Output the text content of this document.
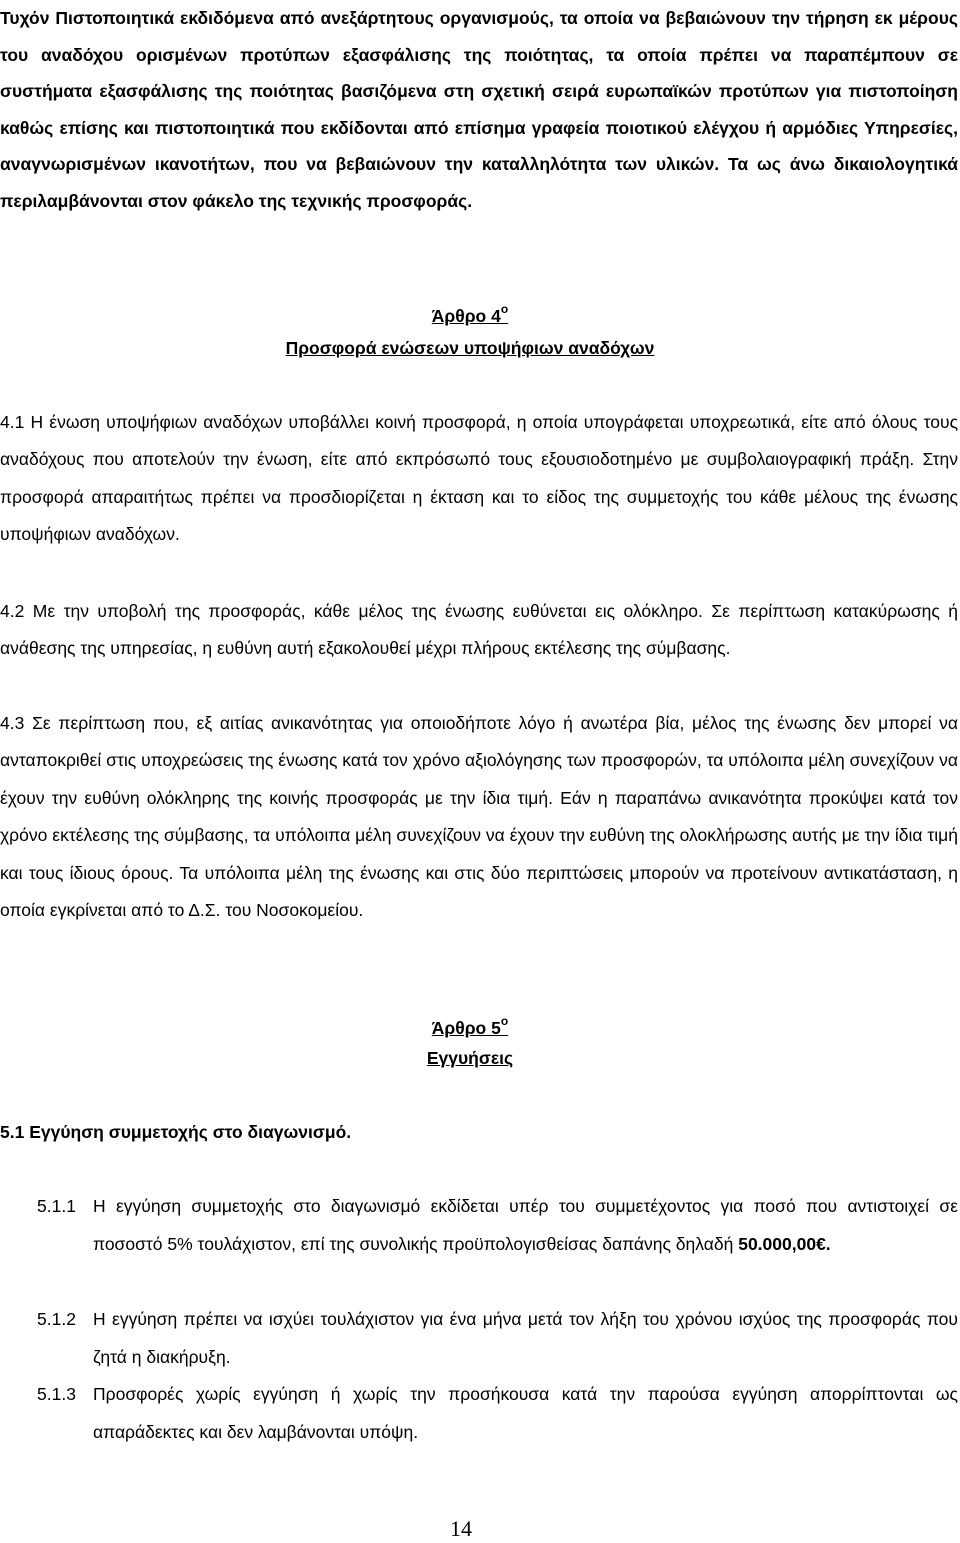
Τυχόν Πιστοποιητικά εκδιδόμενα από ανεξάρτητους οργανισμούς, τα οποία να βεβαιώνουν την τήρηση εκ μέρους του αναδόχου ορισμένων προτύπων εξασφάλισης της ποιότητας, τα οποία πρέπει να παραπέμπουν σε συστήματα εξασφάλισης της ποιότητας βασιζόμενα στη σχετική σειρά ευρωπαϊκών προτύπων για πιστοποίηση καθώς επίσης και πιστοποιητικά που εκδίδονται από επίσημα γραφεία ποιοτικού ελέγχου ή αρμόδιες Υπηρεσίες, αναγνωρισμένων ικανοτήτων, που να βεβαιώνουν την καταλληλότητα των υλικών. Τα ως άνω δικαιολογητικά περιλαμβάνονται στον φάκελο της τεχνικής προσφοράς.

Άρθρο $4^o$

Προσφορά ενώσεων υποψήφιων αναδόχων

4.1 Η ένωση υποψήφιων αναδόχων υποβάλλει κοινή προσφορά, η οποία υπογράφεται υποχρεωτικά, είτε από όλους τους αναδόχους που αποτελούν την ένωση, είτε από εκπρόσωπό τους εξουσιοδοτημένο με συμβολαιογραφική πράξη. Στην προσφορά απαραιτήτως πρέπει να προσδιορίζεται η έκταση και το είδος της συμμετοχής του κάθε μέλους της ένωσης υποψήφιων αναδόχων.

4.2 Με την υποβολή της προσφοράς, κάθε μέλος της ένωσης ευθύνεται εις ολόκληρο. Σε περίπτωση κατακύρωσης ή ανάθεσης της υπηρεσίας, η ευθύνη αυτή εξακολουθεί μέχρι πλήρους εκτέλεσης της σύμβασης.

4.3 Σε περίπτωση που, εξ αιτίας ανικανότητας για οποιοδήποτε λόγο ή ανωτέρα βία, μέλος της ένωσης δεν μπορεί να ανταποκριθεί στις υποχρεώσεις της ένωσης κατά τον χρόνο αξιολόγησης των προσφορών, τα υπόλοιπα μέλη συνεχίζουν να έχουν την ευθύνη ολόκληρης της κοινής προσφοράς με την ίδια τιμή. Εάν η παραπάνω ανικανότητα προκύψει κατά τον χρόνο εκτέλεσης της σύμβασης, τα υπόλοιπα μέλη συνεχίζουν να έχουν την ευθύνη της ολοκλήρωσης αυτής με την ίδια τιμή και τους ίδιους όρους. Τα υπόλοιπα μέλη της ένωσης και στις δύο περιπτώσεις μπορούν να προτείνουν αντικατάσταση, η οποία εγκρίνεται από το Δ.Σ. του Νοσοκομείου.

Άρθρο $5^o$

Εγγυήσεις

5.1 Εγγύηση συμμετοχής στο διαγωνισμό.

5.1.1 Η εγγύηση συμμετοχής στο διαγωνισμό εκδίδεται υπέρ του συμμετέχοντος για ποσό που αντιστοιχεί σε ποσοστό 5% τουλάχιστον, επί της συνολικής προϋπολογισθείσας δαπάνης δηλαδή 50.000,00€.
5.1.2 Η εγγύηση πρέπει να ισχύει τουλάχιστον για ένα μήνα μετά τον λήξη του χρόνου ισχύος της προσφοράς που ζητά η διακήρυξη.
5.1.3 Προσφορές χωρίς εγγύηση ή χωρίς την προσήκουσα κατά την παρούσα εγγύηση απορρίπτονται ως απαράδεκτες και δεν λαμβάνονται υπόψη.

14
